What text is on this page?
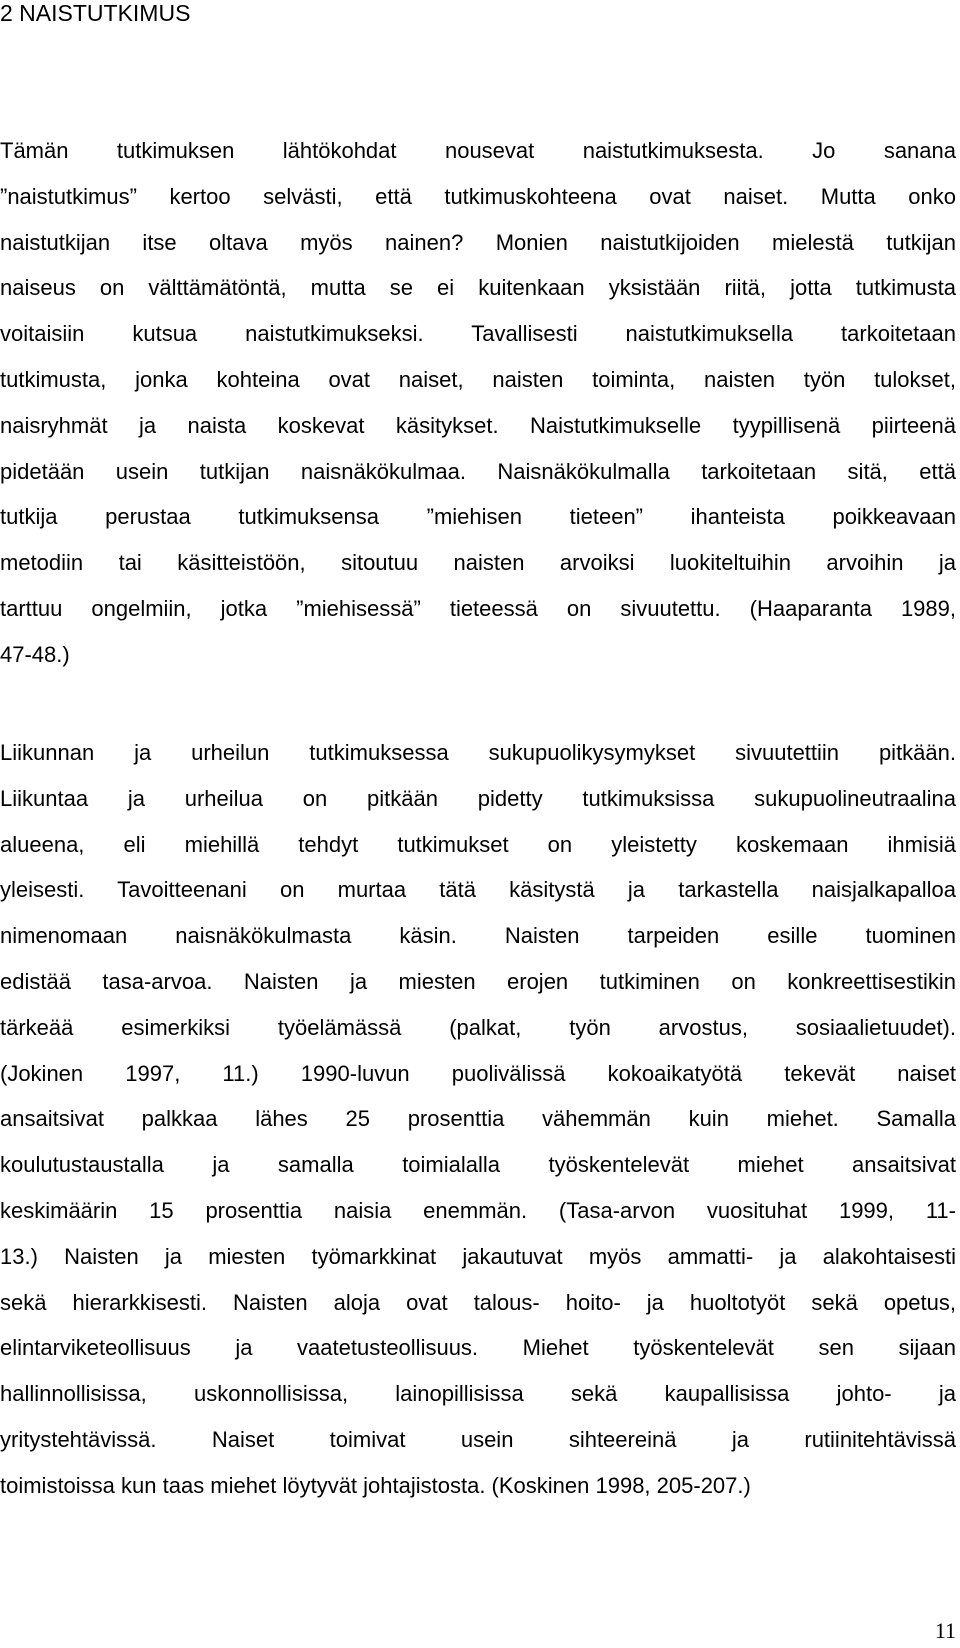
2 NAISTUTKIMUS
Tämän tutkimuksen lähtökohdat nousevat naistutkimuksesta. Jo sanana
”naistutkimus” kertoo selvästi, että tutkimuskohteena ovat naiset. Mutta onko
naistutkijan itse oltava myös nainen? Monien naistutkijoiden mielestä tutkijan
naiseus on välttämätöntä, mutta se ei kuitenkaan yksistään riitä, jotta tutkimusta
voitaisiin kutsua naistutkimukseksi. Tavallisesti naistutkimuksella tarkoitetaan
tutkimusta, jonka kohteina ovat naiset, naisten toiminta, naisten työn tulokset,
naisryhmät ja naista koskevat käsitykset. Naistutkimukselle tyypillisenä piirteenä
pidetään usein tutkijan naisnäkökulmaa. Naisnäkökulmalla tarkoitetaan sitä, että
tutkija perustaa tutkimuksensa ”miehisen tieteen” ihanteista poikkeavaan
metodiin tai käsitteistöön, sitoutuu naisten arvoiksi luokiteltuihin arvoihin ja
tarttuu ongelmiin, jotka ”miehisessä” tieteessä on sivuutettu. (Haaparanta 1989,
47-48.)
Liikunnan ja urheilun tutkimuksessa sukupuolikysymykset sivuutettiin pitkään.
Liikuntaa ja urheilua on pitkään pidetty tutkimuksissa sukupuolineutraalina
alueena, eli miehillä tehdyt tutkimukset on yleistetty koskemaan ihmisiä
yleisesti. Tavoitteenani on murtaa tätä käsitystä ja tarkastella naisjalkapalloa
nimenomaan naisnäkökulmasta käsin. Naisten tarpeiden esille tuominen
edistää tasa-arvoa. Naisten ja miesten erojen tutkiminen on konkreettisestikin
tärkeää esimerkiksi työelämässä (palkat, työn arvostus, sosiaalietuudet).
(Jokinen 1997, 11.) 1990-luvun puolivälissä kokoaikatyötä tekevät naiset
ansaitsivat palkkaa lähes 25 prosenttia vähemmän kuin miehet. Samalla
koulutustaustalla ja samalla toimialalla työskentelevät miehet ansaitsivat
keskimäärin 15 prosenttia naisia enemmän. (Tasa-arvon vuosituhat 1999, 11-
13.) Naisten ja miesten työmarkkinat jakautuvat myös ammatti- ja alakohtaisesti
sekä hierarkkisesti. Naisten aloja ovat talous- hoito- ja huoltotyöt sekä opetus,
elintarviketeollisuus ja vaatetusteollisuus. Miehet työskentelevät sen sijaan
hallinnollisissa, uskonnollisissa, lainopillisissa sekä kaupallisissa johto- ja
yritystehtävissä. Naiset toimivat usein sihteereinä ja rutiinitehtävissä
toimistoissa kun taas miehet löytyvät johtajistosta. (Koskinen 1998, 205-207.)
11
